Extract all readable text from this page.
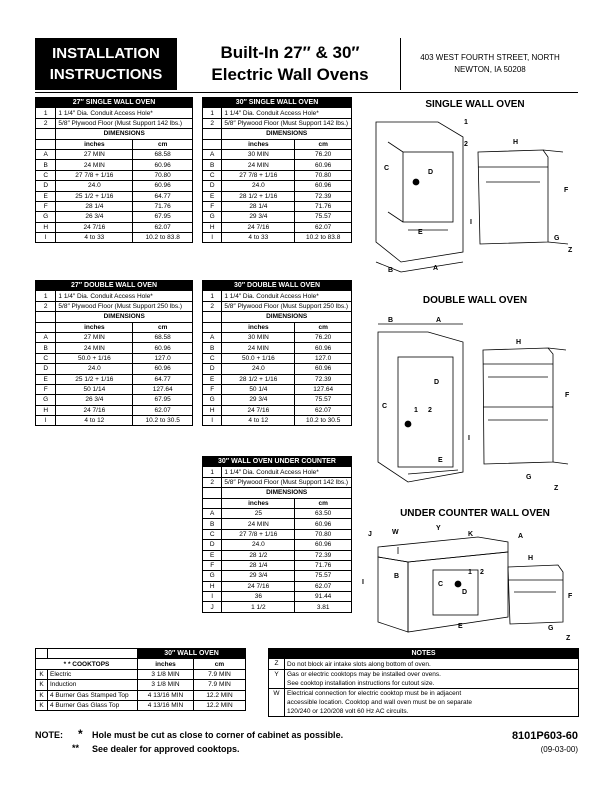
INSTALLATION
INSTRUCTIONS
Built-In 27″ & 30″
Electric Wall Ovens
403 WEST FOURTH STREET, NORTH
NEWTON, IA 50208
27″ SINGLE WALL OVEN		
1	1 1/4″ Dia. Conduit Access Hole*	
2	5/8″ Plywood Floor (Must Support 142 lbs.)	
	DIMENSIONS	
	inches	cm
A	27 MIN	68.58
B	24 MIN	60.96
C	27 7/8 + 1/16	70.80
D	24.0	60.96
E	25 1/2 + 1/16	64.77
F	28 1/4	71.76
G	26 3/4	67.95
H	24 7/16	62.07
I	4 to 33	10.2 to 83.8
30″ SINGLE WALL OVEN		
1	1 1/4″ Dia. Conduit Access Hole*	
2	5/8″ Plywood Floor (Must Support 142 lbs.)	
	DIMENSIONS	
	inches	cm
A	30 MIN	76.20
B	24 MIN	60.96
C	27 7/8 + 1/16	70.80
D	24.0	60.96
E	28 1/2 + 1/16	72.39
F	28 1/4	71.76
G	29 3/4	75.57
H	24 7/16	62.07
I	4 to 33	10.2 to 83.8
27″ DOUBLE WALL OVEN		
1	1 1/4″ Dia. Conduit Access Hole*	
2	5/8″ Plywood Floor (Must Support 250 lbs.)	
	DIMENSIONS	
	inches	cm
A	27 MIN	68.58
B	24 MIN	60.96
C	50.0 + 1/16	127.0
D	24.0	60.96
E	25 1/2 + 1/16	64.77
F	50 1/14	127.64
G	26 3/4	67.95
H	24 7/16	62.07
I	4 to 12	10.2 to 30.5
30″ DOUBLE WALL OVEN		
1	1 1/4″ Dia. Conduit Access Hole*	
2	5/8″ Plywood Floor (Must Support 250 lbs.)	
	DIMENSIONS	
	inches	cm
A	30 MIN	76.20
B	24 MIN	60.96
C	50.0 + 1/16	127.0
D	24.0	60.96
E	28 1/2 + 1/16	72.39
F	50 1/4	127.64
G	29 3/4	75.57
H	24 7/16	62.07
I	4 to 12	10.2 to 30.5
30″ WALL OVEN UNDER COUNTER		
1	1 1/4″ Dia. Conduit Access Hole*	
2	5/8″ Plywood Floor (Must Support 142 lbs.)	
	DIMENSIONS	
	inches	cm
A	25	63.50
B	24 MIN	60.96
C	27 7/8 + 1/16	70.80
D	24.0	60.96
E	28 1/2	72.39
F	28 1/4	71.76
G	29 3/4	75.57
H	24 7/16	62.07
I	36	91.44
J	1 1/2	3.81
		30″ WALL OVEN	
* * COOKTOPS		inches	cm
K	Electric	3 1/8 MIN	7.9 MIN
K	Induction	3 1/8 MIN	7.9 MIN
K	4 Burner Gas Stamped Top	4 13/16 MIN	12.2 MIN
K	4 Burner Gas Glass Top	4 13/16 MIN	12.2 MIN
NOTES	
Z	Do not block air intake slots along bottom of oven.

Y	Gas or electric cooktops may be installed over ovens.
See cooktop installation instructions for cutout size.

W	Electrical connection for electric cooktop must be in adjacent
accessible location. Cooktop and wall oven must be on separate
120/240 or 120/208 volt 60 Hz AC circuits.
SINGLE WALL OVEN
DOUBLE WALL OVEN
UNDER COUNTER WALL OVEN
C
D
E
1
2	H
F
I
G
Z
B	A
B	A
C
D
1 2
H
F
I
E
G
Z
J	W
Y
K	A
I
B
C
D
1 2
H
F
E	G
Z
NOTE: * Hole must be cut as close to corner of cabinet as possible.
** See dealer for approved cooktops.
8101P603-60
(09-03-00)
